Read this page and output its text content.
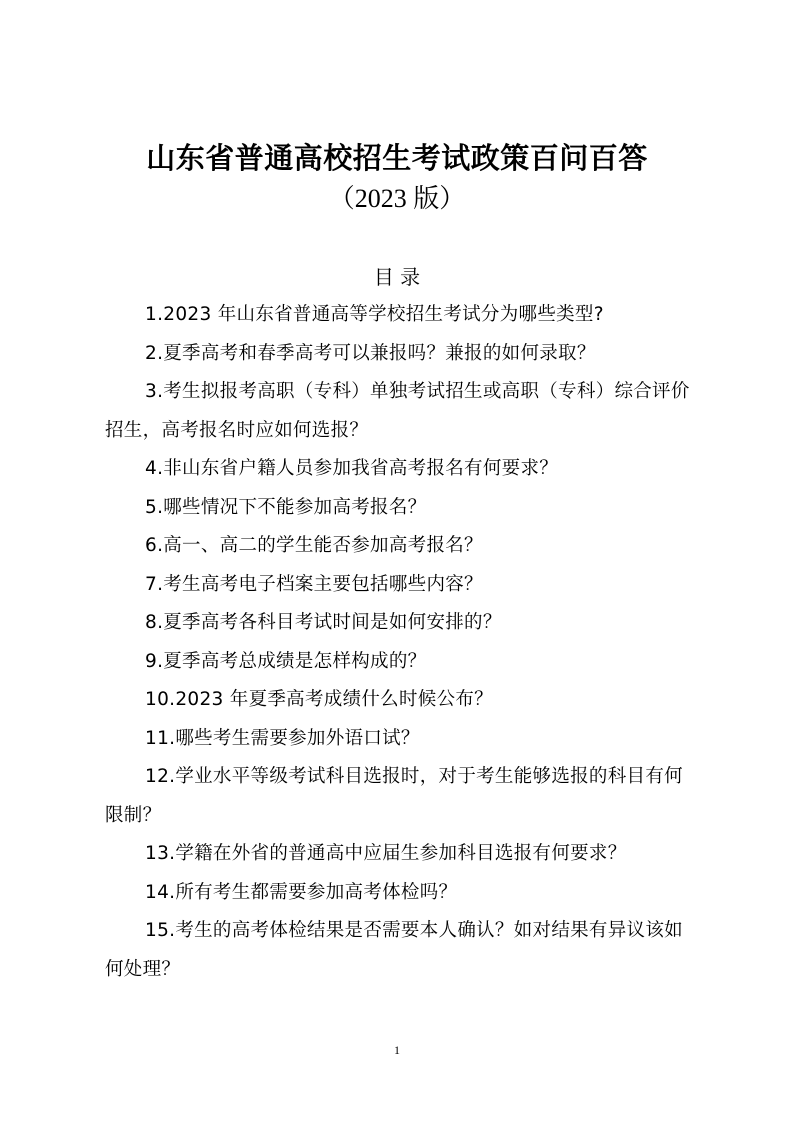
山东省普通高校招生考试政策百问百答
（2023 版）
目 录
1.2023 年山东省普通高等学校招生考试分为哪些类型?
2.夏季高考和春季高考可以兼报吗？兼报的如何录取？
3.考生拟报考高职（专科）单独考试招生或高职（专科）综合评价招生，高考报名时应如何选报？
4.非山东省户籍人员参加我省高考报名有何要求？
5.哪些情况下不能参加高考报名？
6.高一、高二的学生能否参加高考报名？
7.考生高考电子档案主要包括哪些内容？
8.夏季高考各科目考试时间是如何安排的？
9.夏季高考总成绩是怎样构成的？
10.2023 年夏季高考成绩什么时候公布？
11.哪些考生需要参加外语口试？
12.学业水平等级考试科目选报时，对于考生能够选报的科目有何限制？
13.学籍在外省的普通高中应届生参加科目选报有何要求？
14.所有考生都需要参加高考体检吗？
15.考生的高考体检结果是否需要本人确认？如对结果有异议该如何处理？
1
